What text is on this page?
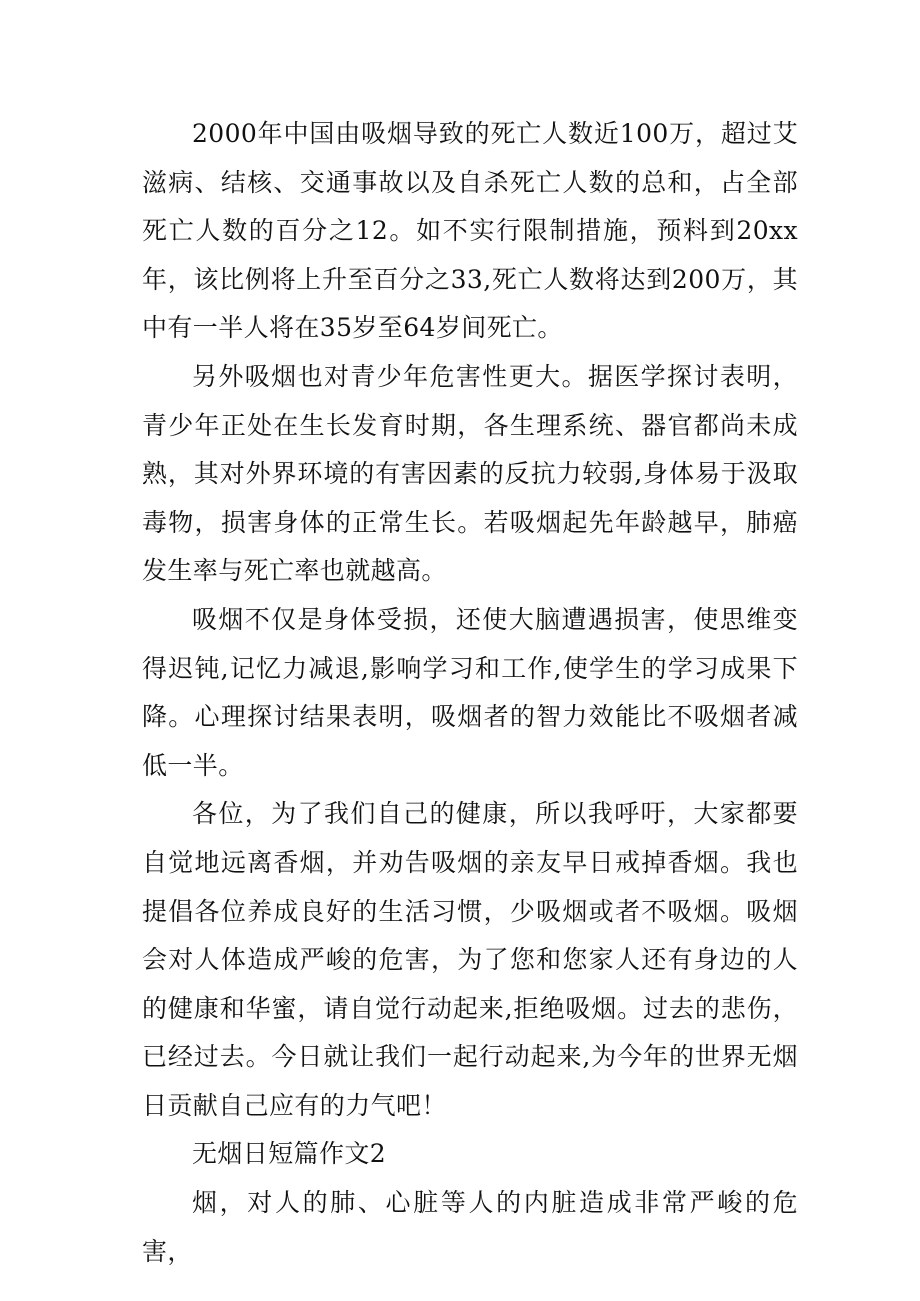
2000年中国由吸烟导致的死亡人数近100万，超过艾滋病、结核、交通事故以及自杀死亡人数的总和，占全部死亡人数的百分之12。如不实行限制措施，预料到20xx年，该比例将上升至百分之33,死亡人数将达到200万，其中有一半人将在35岁至64岁间死亡。

另外吸烟也对青少年危害性更大。据医学探讨表明，青少年正处在生长发育时期，各生理系统、器官都尚未成熟，其对外界环境的有害因素的反抗力较弱,身体易于汲取毒物，损害身体的正常生长。若吸烟起先年龄越早，肺癌发生率与死亡率也就越高。

吸烟不仅是身体受损，还使大脑遭遇损害，使思维变得迟钝,记忆力减退,影响学习和工作,使学生的学习成果下降。心理探讨结果表明，吸烟者的智力效能比不吸烟者减低一半。

各位，为了我们自己的健康，所以我呼吁，大家都要自觉地远离香烟，并劝告吸烟的亲友早日戒掉香烟。我也提倡各位养成良好的生活习惯，少吸烟或者不吸烟。吸烟会对人体造成严峻的危害，为了您和您家人还有身边的人的健康和华蜜，请自觉行动起来,拒绝吸烟。过去的悲伤，已经过去。今日就让我们一起行动起来,为今年的世界无烟日贡献自己应有的力气吧！

无烟日短篇作文2

烟，对人的肺、心脏等人的内脏造成非常严峻的危害，
